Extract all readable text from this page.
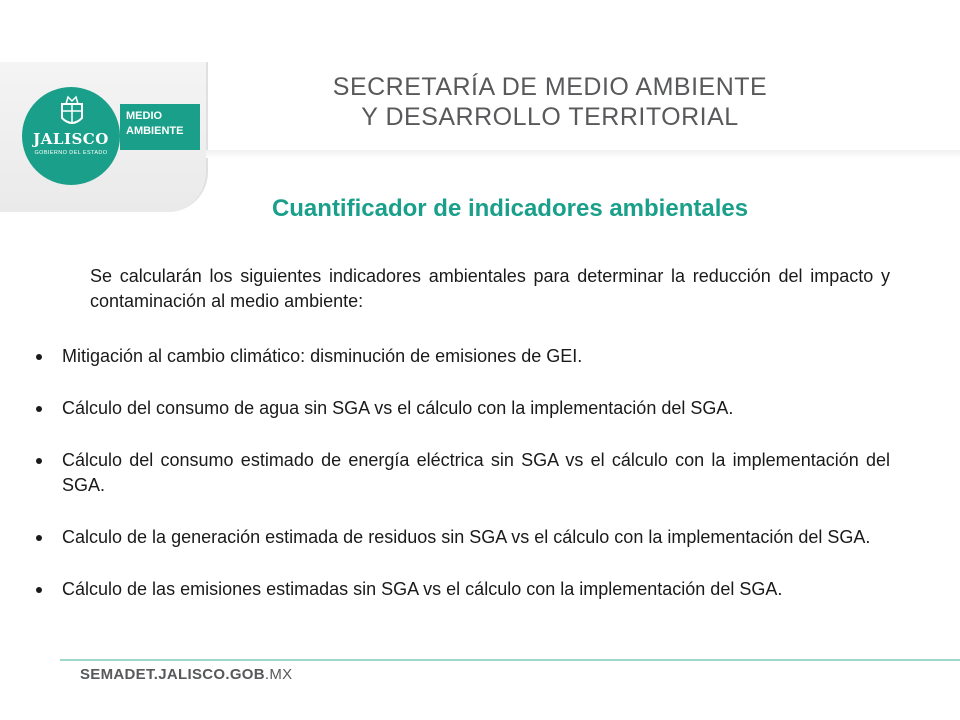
JALISCO
GOBIERNO DEL ESTADO
MEDIO
AMBIENTE
SECRETARÍA DE MEDIO AMBIENTE
Y DESARROLLO TERRITORIAL
Cuantificador de indicadores ambientales

Se calcularán los siguientes indicadores ambientales para determinar la reducción del impacto y contaminación al medio ambiente:

Mitigación al cambio climático: disminución de emisiones de GEI.
Cálculo del consumo de agua sin SGA vs el cálculo con la implementación del SGA.
Cálculo del consumo estimado de energía eléctrica sin SGA vs el cálculo con la implementación del SGA.
Calculo de la generación estimada de residuos sin SGA vs el cálculo con la implementación del SGA.
Cálculo de las emisiones estimadas sin SGA vs el cálculo con la implementación del SGA.
SEMADET.JALISCO.GOB.MX
